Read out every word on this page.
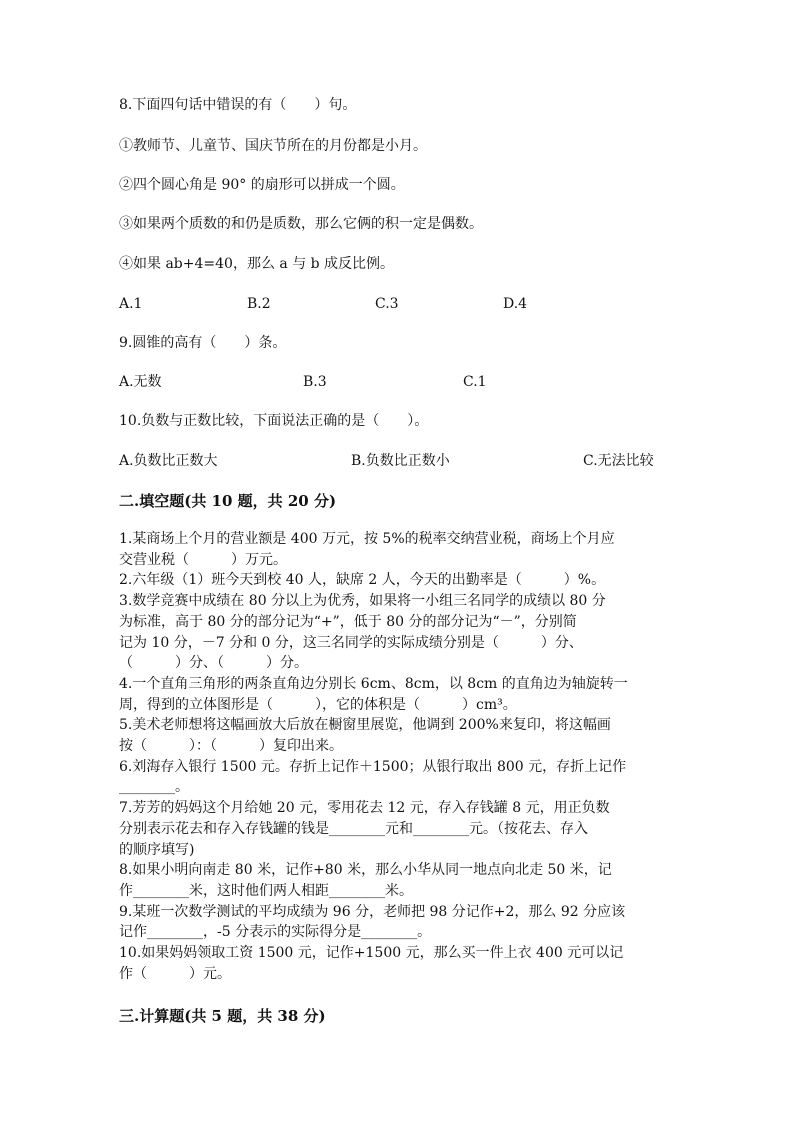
8.下面四句话中错误的有（　　）句。
①教师节、儿童节、国庆节所在的月份都是小月。
②四个圆心角是 90° 的扇形可以拼成一个圆。
③如果两个质数的和仍是质数，那么它俩的积一定是偶数。
④如果 ab+4=40，那么 a 与 b 成反比例。
A.1	B.2	C.3	D.4
9.圆锥的高有（　　）条。
A.无数	B.3	C.1
10.负数与正数比较，下面说法正确的是（　　）。
A.负数比正数大	B.负数比正数小	C.无法比较
二.填空题(共 10 题，共 20 分)
1.某商场上个月的营业额是 400 万元，按 5%的税率交纳营业税，商场上个月应
交营业税（　　　）万元。
2.六年级（1）班今天到校 40 人，缺席 2 人，今天的出勤率是（　　　）%。
3.数学竞赛中成绩在 80 分以上为优秀，如果将一小组三名同学的成绩以 80 分
为标准，高于 80 分的部分记为“+”，低于 80 分的部分记为“－”，分别简
记为 10 分，－7 分和 0 分，这三名同学的实际成绩分别是（　　　）分、
（　　　）分、（　　　）分。
4.一个直角三角形的两条直角边分别长 6cm、8cm，以 8cm 的直角边为轴旋转一
周，得到的立体图形是（　　　），它的体积是（　　　）cm³。
5.美术老师想将这幅画放大后放在橱窗里展览，他调到 200%来复印，将这幅画
按（　　　）：（　　　）复印出来。
6.刘海存入银行 1500 元。存折上记作＋1500；从银行取出 800 元，存折上记作
________。
7.芳芳的妈妈这个月给她 20 元，零用花去 12 元，存入存钱罐 8 元，用正负数
分别表示花去和存入存钱罐的钱是________元和________元。（按花去、存入
的顺序填写)
8.如果小明向南走 80 米，记作+80 米，那么小华从同一地点向北走 50 米，记
作________米，这时他们两人相距________米。
9.某班一次数学测试的平均成绩为 96 分，老师把 98 分记作+2，那么 92 分应该
记作________，-5 分表示的实际得分是________。
10.如果妈妈领取工资 1500 元，记作+1500 元，那么买一件上衣 400 元可以记
作（　　　）元。
三.计算题(共 5 题，共 38 分)
